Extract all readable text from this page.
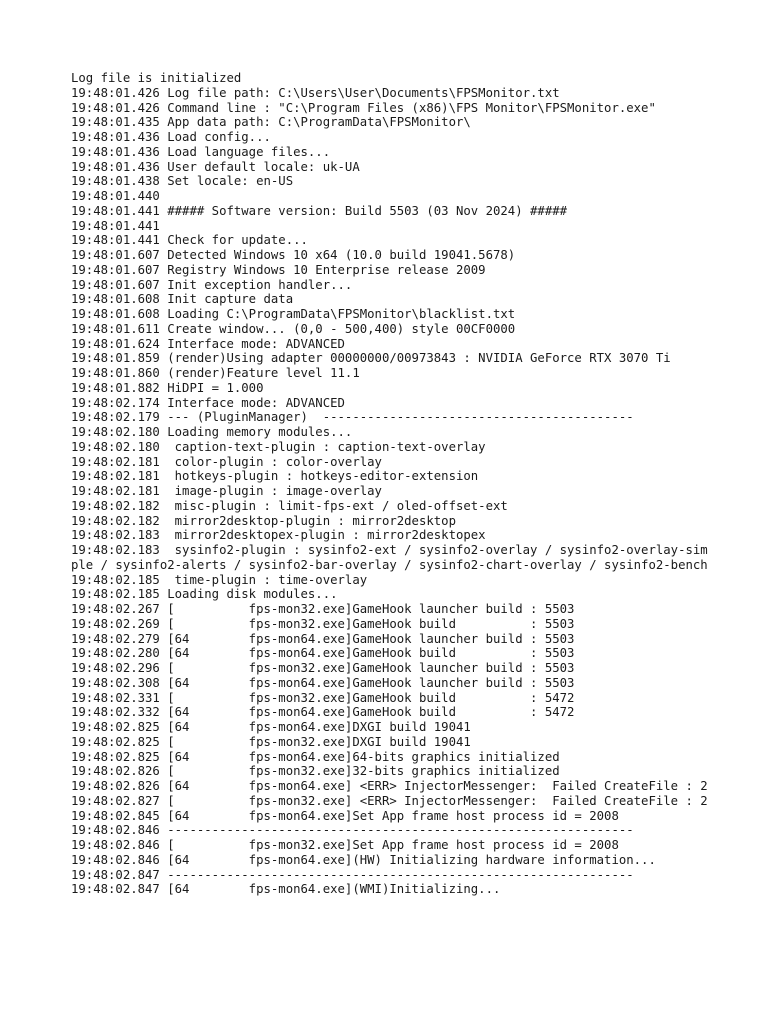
Log file is initialized
19:48:01.426 Log file path: C:\Users\User\Documents\FPSMonitor.txt
19:48:01.426 Command line : "C:\Program Files (x86)\FPS Monitor\FPSMonitor.exe"
19:48:01.435 App data path: C:\ProgramData\FPSMonitor\
19:48:01.436 Load config...
19:48:01.436 Load language files...
19:48:01.436 User default locale: uk-UA
19:48:01.438 Set locale: en-US
19:48:01.440
19:48:01.441 ##### Software version: Build 5503 (03 Nov 2024) #####
19:48:01.441
19:48:01.441 Check for update...
19:48:01.607 Detected Windows 10 x64 (10.0 build 19041.5678)
19:48:01.607 Registry Windows 10 Enterprise release 2009
19:48:01.607 Init exception handler...
19:48:01.608 Init capture data
19:48:01.608 Loading C:\ProgramData\FPSMonitor\blacklist.txt
19:48:01.611 Create window... (0,0 - 500,400) style 00CF0000
19:48:01.624 Interface mode: ADVANCED
19:48:01.859 (render)Using adapter 00000000/00973843 : NVIDIA GeForce RTX 3070 Ti
19:48:01.860 (render)Feature level 11.1
19:48:01.882 HiDPI = 1.000
19:48:02.174 Interface mode: ADVANCED
19:48:02.179 --- (PluginManager)  ------------------------------------------
19:48:02.180 Loading memory modules...
19:48:02.180  caption-text-plugin : caption-text-overlay
19:48:02.181  color-plugin : color-overlay
19:48:02.181  hotkeys-plugin : hotkeys-editor-extension
19:48:02.181  image-plugin : image-overlay
19:48:02.182  misc-plugin : limit-fps-ext / oled-offset-ext
19:48:02.182  mirror2desktop-plugin : mirror2desktop
19:48:02.183  mirror2desktopex-plugin : mirror2desktopex
19:48:02.183  sysinfo2-plugin : sysinfo2-ext / sysinfo2-overlay / sysinfo2-overlay-simple / sysinfo2-alerts / sysinfo2-bar-overlay / sysinfo2-chart-overlay / sysinfo2-bench
19:48:02.185  time-plugin : time-overlay
19:48:02.185 Loading disk modules...
19:48:02.267 [          fps-mon32.exe]GameHook launcher build : 5503
19:48:02.269 [          fps-mon32.exe]GameHook build          : 5503
19:48:02.279 [64        fps-mon64.exe]GameHook launcher build : 5503
19:48:02.280 [64        fps-mon64.exe]GameHook build          : 5503
19:48:02.296 [          fps-mon32.exe]GameHook launcher build : 5503
19:48:02.308 [64        fps-mon64.exe]GameHook launcher build : 5503
19:48:02.331 [          fps-mon32.exe]GameHook build          : 5472
19:48:02.332 [64        fps-mon64.exe]GameHook build          : 5472
19:48:02.825 [64        fps-mon64.exe]DXGI build 19041
19:48:02.825 [          fps-mon32.exe]DXGI build 19041
19:48:02.825 [64        fps-mon64.exe]64-bits graphics initialized
19:48:02.826 [          fps-mon32.exe]32-bits graphics initialized
19:48:02.826 [64        fps-mon64.exe] <ERR> InjectorMessenger:  Failed CreateFile : 2
19:48:02.827 [          fps-mon32.exe] <ERR> InjectorMessenger:  Failed CreateFile : 2
19:48:02.845 [64        fps-mon64.exe]Set App frame host process id = 2008
19:48:02.846 ---------------------------------------------------------------
19:48:02.846 [          fps-mon32.exe]Set App frame host process id = 2008
19:48:02.846 [64        fps-mon64.exe](HW) Initializing hardware information...
19:48:02.847 ---------------------------------------------------------------
19:48:02.847 [64        fps-mon64.exe](WMI)Initializing...
